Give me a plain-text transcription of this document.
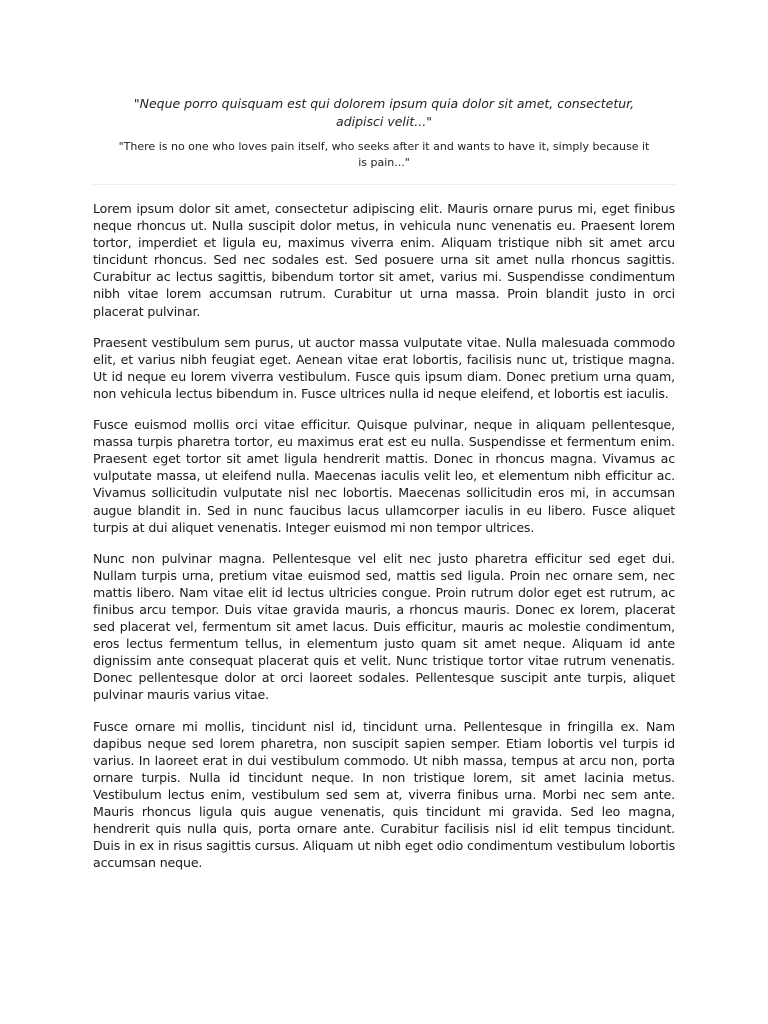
"Neque porro quisquam est qui dolorem ipsum quia dolor sit amet, consectetur, adipisci velit..."

"There is no one who loves pain itself, who seeks after it and wants to have it, simply because it is pain..."

Lorem ipsum dolor sit amet, consectetur adipiscing elit. Mauris ornare purus mi, eget finibus neque rhoncus ut. Nulla suscipit dolor metus, in vehicula nunc venenatis eu. Praesent lorem tortor, imperdiet et ligula eu, maximus viverra enim. Aliquam tristique nibh sit amet arcu tincidunt rhoncus. Sed nec sodales est. Sed posuere urna sit amet nulla rhoncus sagittis. Curabitur ac lectus sagittis, bibendum tortor sit amet, varius mi. Suspendisse condimentum nibh vitae lorem accumsan rutrum. Curabitur ut urna massa. Proin blandit justo in orci placerat pulvinar.

Praesent vestibulum sem purus, ut auctor massa vulputate vitae. Nulla malesuada commodo elit, et varius nibh feugiat eget. Aenean vitae erat lobortis, facilisis nunc ut, tristique magna. Ut id neque eu lorem viverra vestibulum. Fusce quis ipsum diam. Donec pretium urna quam, non vehicula lectus bibendum in. Fusce ultrices nulla id neque eleifend, et lobortis est iaculis.

Fusce euismod mollis orci vitae efficitur. Quisque pulvinar, neque in aliquam pellentesque, massa turpis pharetra tortor, eu maximus erat est eu nulla. Suspendisse et fermentum enim. Praesent eget tortor sit amet ligula hendrerit mattis. Donec in rhoncus magna. Vivamus ac vulputate massa, ut eleifend nulla. Maecenas iaculis velit leo, et elementum nibh efficitur ac. Vivamus sollicitudin vulputate nisl nec lobortis. Maecenas sollicitudin eros mi, in accumsan augue blandit in. Sed in nunc faucibus lacus ullamcorper iaculis in eu libero. Fusce aliquet turpis at dui aliquet venenatis. Integer euismod mi non tempor ultrices.

Nunc non pulvinar magna. Pellentesque vel elit nec justo pharetra efficitur sed eget dui. Nullam turpis urna, pretium vitae euismod sed, mattis sed ligula. Proin nec ornare sem, nec mattis libero. Nam vitae elit id lectus ultricies congue. Proin rutrum dolor eget est rutrum, ac finibus arcu tempor. Duis vitae gravida mauris, a rhoncus mauris. Donec ex lorem, placerat sed placerat vel, fermentum sit amet lacus. Duis efficitur, mauris ac molestie condimentum, eros lectus fermentum tellus, in elementum justo quam sit amet neque. Aliquam id ante dignissim ante consequat placerat quis et velit. Nunc tristique tortor vitae rutrum venenatis. Donec pellentesque dolor at orci laoreet sodales. Pellentesque suscipit ante turpis, aliquet pulvinar mauris varius vitae.

Fusce ornare mi mollis, tincidunt nisl id, tincidunt urna. Pellentesque in fringilla ex. Nam dapibus neque sed lorem pharetra, non suscipit sapien semper. Etiam lobortis vel turpis id varius. In laoreet erat in dui vestibulum commodo. Ut nibh massa, tempus at arcu non, porta ornare turpis. Nulla id tincidunt neque. In non tristique lorem, sit amet lacinia metus. Vestibulum lectus enim, vestibulum sed sem at, viverra finibus urna. Morbi nec sem ante. Mauris rhoncus ligula quis augue venenatis, quis tincidunt mi gravida. Sed leo magna, hendrerit quis nulla quis, porta ornare ante. Curabitur facilisis nisl id elit tempus tincidunt. Duis in ex in risus sagittis cursus. Aliquam ut nibh eget odio condimentum vestibulum lobortis accumsan neque.
